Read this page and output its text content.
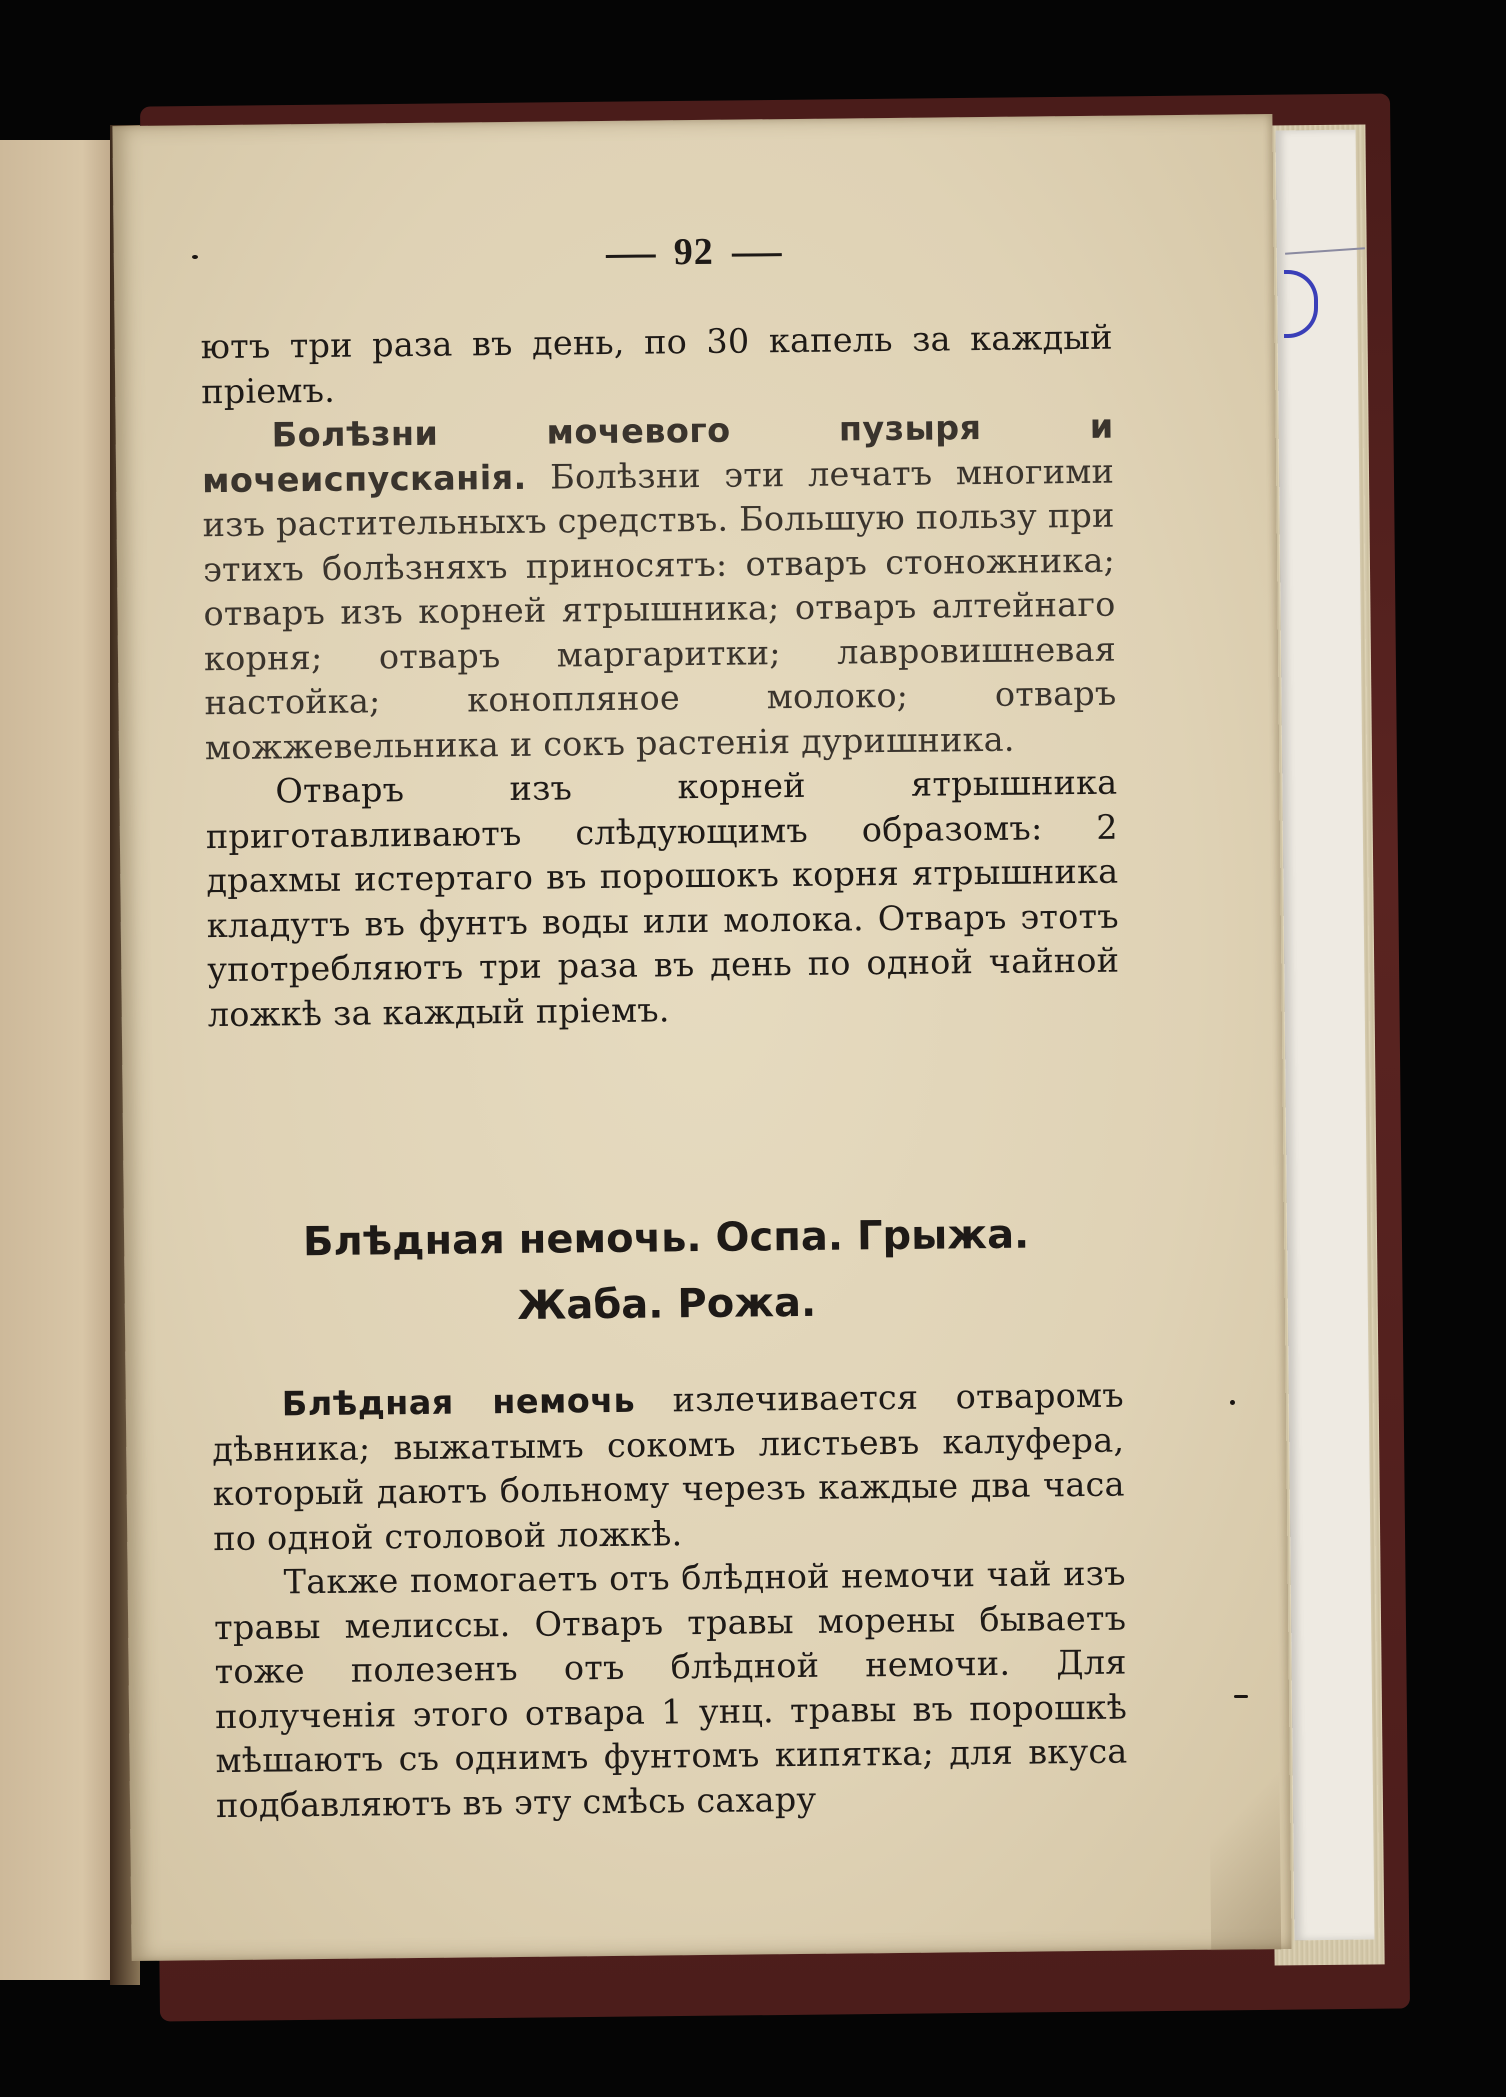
92

ютъ три раза въ день, по 30 капель за каждый пріемъ.

Болѣзни мочевого пузыря и мочеиспусканія. Болѣзни эти лечатъ многими изъ растительныхъ средствъ. Большую пользу при этихъ болѣзняхъ приносятъ: отваръ стоножника; отваръ изъ корней ятрышника; отваръ алтейнаго корня; отваръ маргаритки; лавровишневая настойка; конопляное молоко; отваръ можжевельника и сокъ растенія дуришника.

Отваръ изъ корней ятрышника приготавливаютъ слѣдующимъ образомъ: 2 драхмы истертаго въ порошокъ корня ятрышника кладутъ въ фунтъ воды или молока. Отваръ этотъ употребляютъ три раза въ день по одной чайной ложкѣ за каждый пріемъ.

Блѣдная немочь. Оспа. Грыжа.
Жаба. Рожа.

Блѣдная немочь излечивается отваромъ дѣвника; выжатымъ сокомъ листьевъ калуфера, который даютъ больному черезъ каждые два часа по одной столовой ложкѣ.

Также помогаетъ отъ блѣдной немочи чай изъ травы мелиссы. Отваръ травы морены бываетъ тоже полезенъ отъ блѣдной немочи. Для полученія этого отвара 1 унц. травы въ порошкѣ мѣшаютъ съ однимъ фунтомъ кипятка; для вкуса подбавляютъ въ эту смѣсь сахару
